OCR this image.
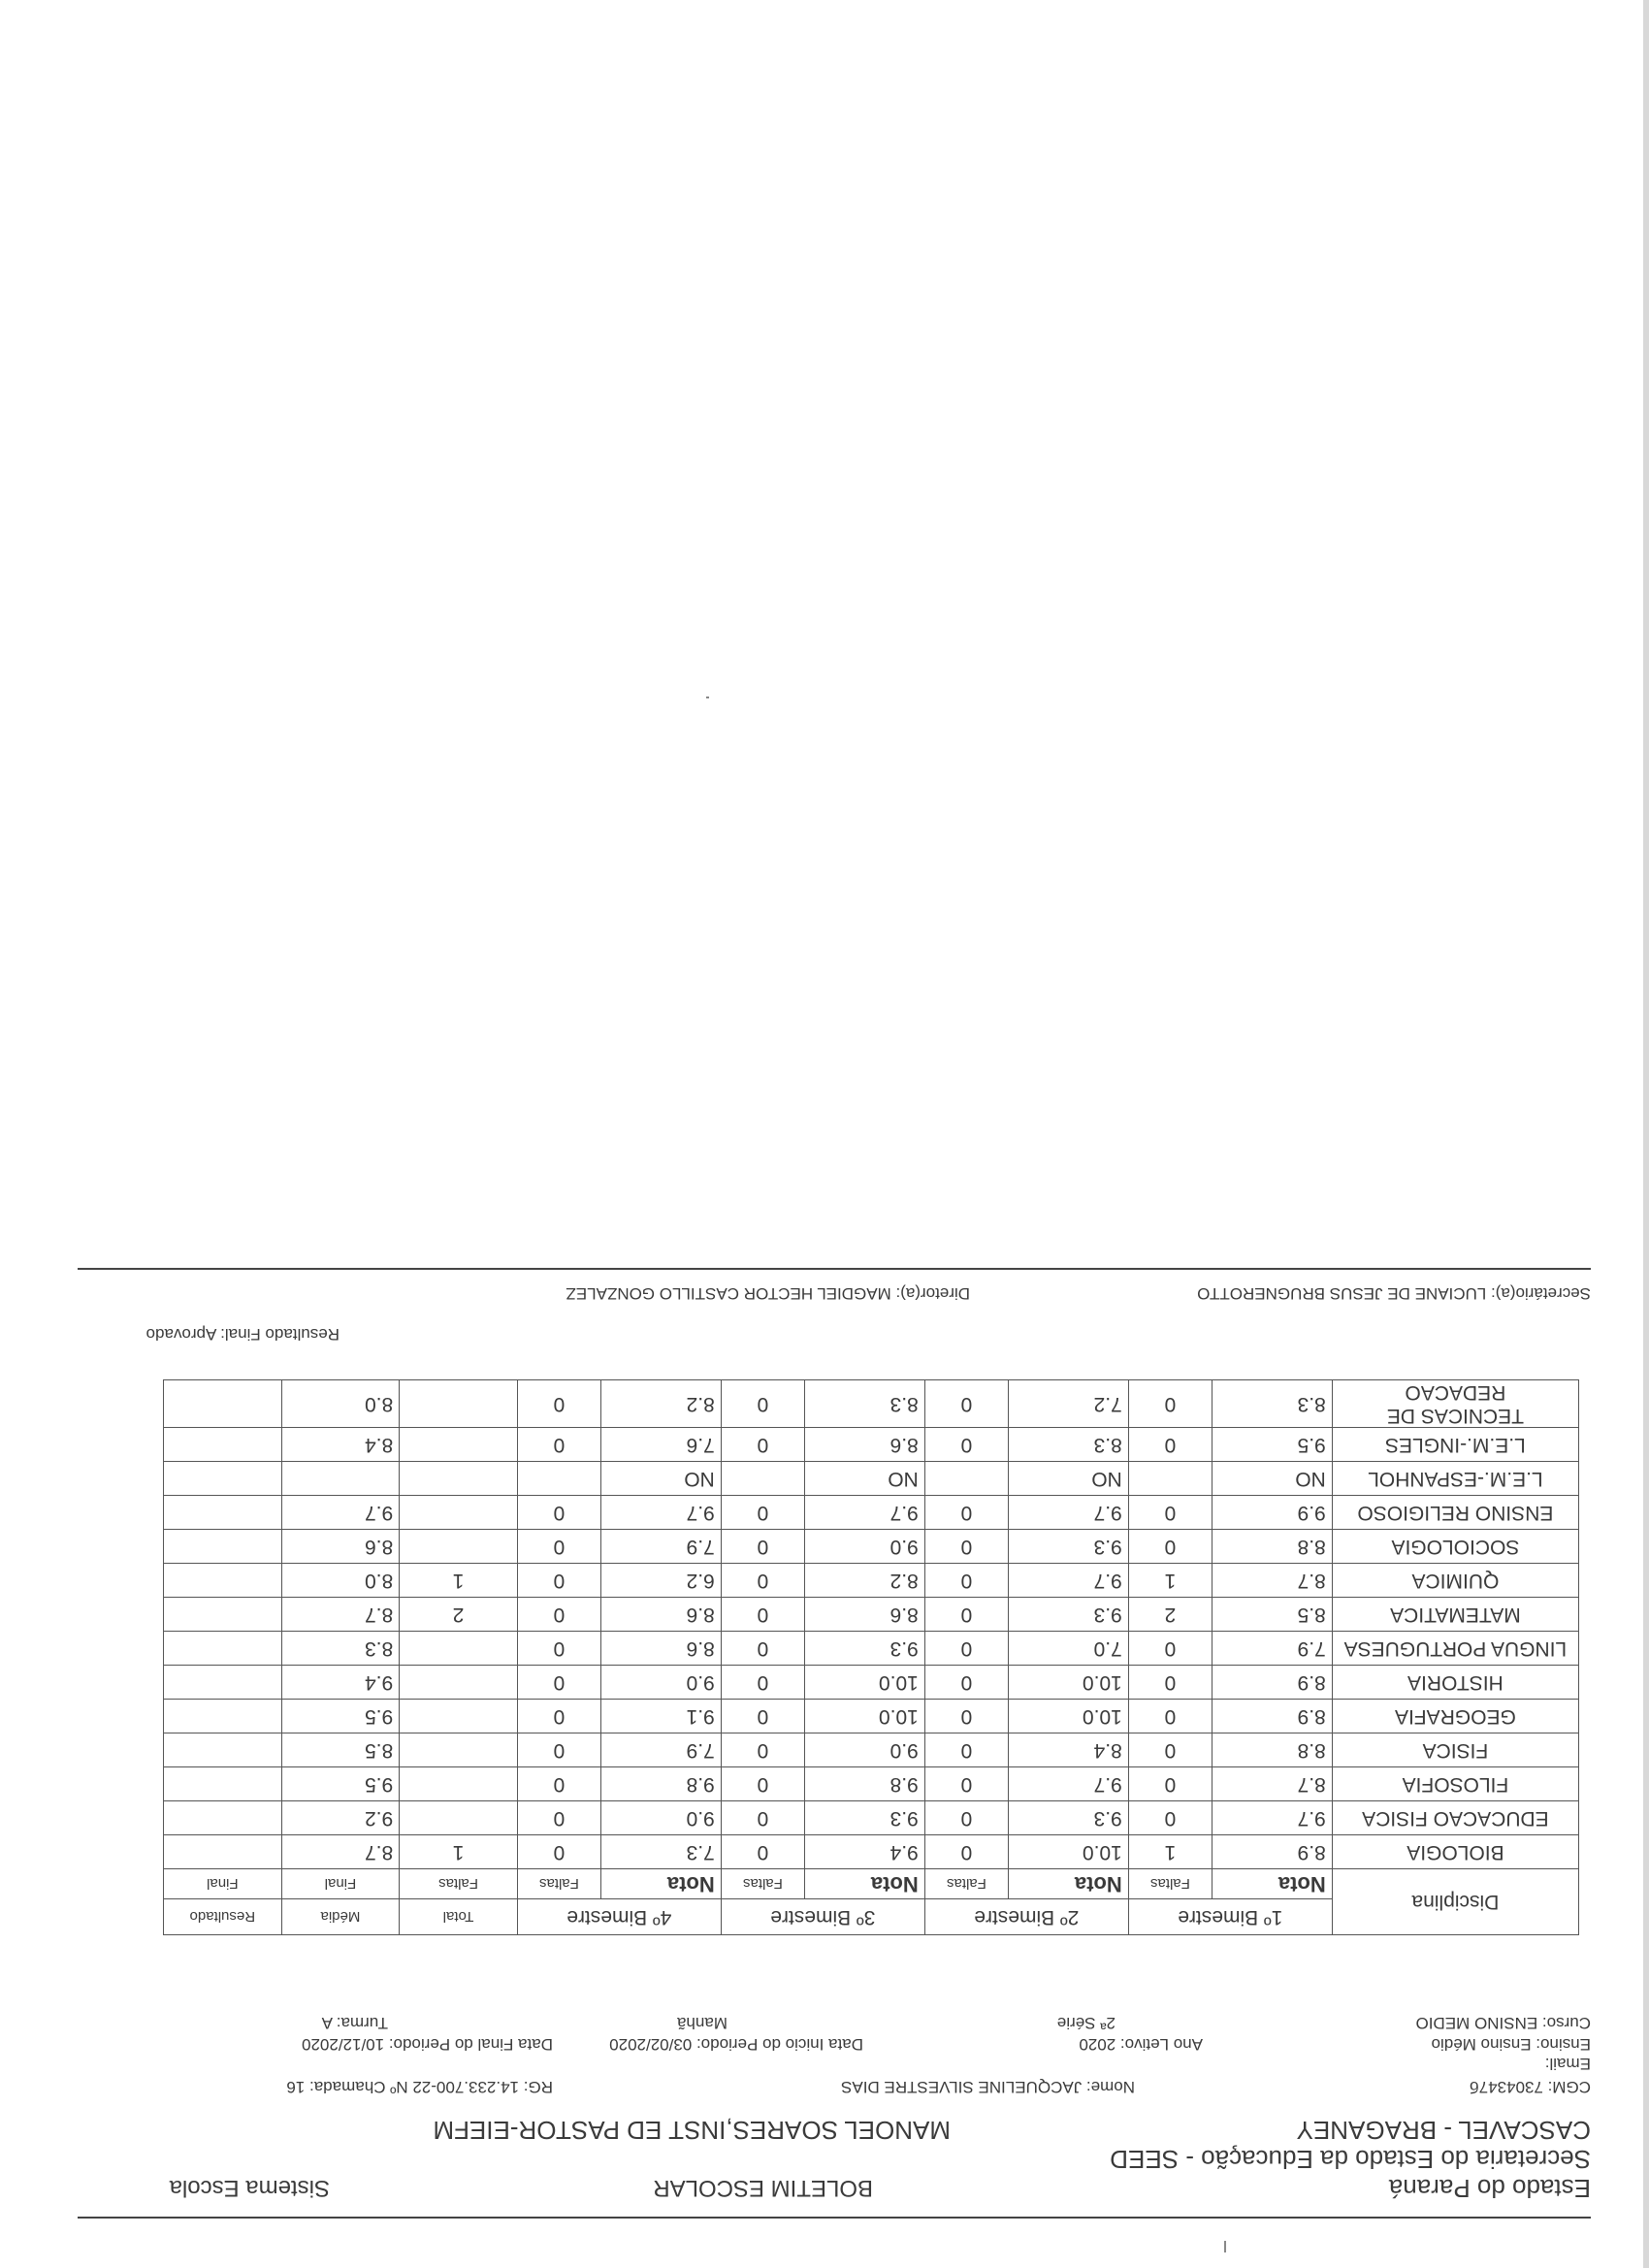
Estado do Paraná
BOLETIM ESCOLAR
Sistema Escola
Secretaria do Estado da Educação - SEED
CASCAVEL - BRAGANEY
MANOEL SOARES,INST ED PASTOR-EIEFM
CGM: 7304347б
Nome: JACQUELINE SILVESTRE DIAS
RG: 14.233.700-22 Nº Chamada: 16
Email:
Ensino: Ensino Médio
Ano Letivo: 2020
Data Inicio do Periodo: 03/02/2020
Data Final do Periodo: 10/12/2020
Curso: ENSINO MEDIO
2ª Série
Manhã
Turma: A
Disciplina	1º Bimestre		2º Bimestre		3º Bimestre		4º Bimestre		Total	Média	Resultado
	Nota	Faltas	Nota	Faltas	Nota	Faltas	Nota	Faltas	Faltas	Final	Final
BIOLOGIA	8.9	1	10.0	0	9.4	0	7.3	0	1	8.7	
EDUCACAO FISICA	9.7	0	9.3	0	9.3	0	9.0	0		9.2	
FILOSOFIA	8.7	0	9.7	0	9.8	0	9.8	0		9.5	
FISICA	8.8	0	8.4	0	9.0	0	7.9	0		8.5	
GEOGRAFIA	8.9	0	10.0	0	10.0	0	9.1	0		9.5	
HISTORIA	8.9	0	10.0	0	10.0	0	9.0	0		9.4	
LINGUA PORTUGUESA	7.9	0	7.0	0	9.3	0	8.6	0		8.3	
MATEMATICA	8.5	2	9.3	0	8.6	0	8.6	0	2	8.7	
QUIMICA	8.7	1	9.7	0	8.2	0	6.2	0	1	8.0	
SOCIOLOGIA	8.8	0	9.3	0	9.0	0	7.9	0		8.6	
ENSINO RELIGIOSO	9.9	0	9.7	0	9.7	0	9.7	0		9.7	
L.E.M.-ESPANHOL	NO		NO		NO		NO				
L.E.M.-INGLES	9.5	0	8.3	0	8.6	0	7.6	0		8.4	
TECNICAS DE REDACAO	8.3	0	7.2	0	8.3	0	8.2	0		8.0	
Resultado Final: Aprovado
Secretário(a): LUCIANE DE JESUS BRUGNEROTTO
Diretor(a): MAGDIEL HECTOR CASTILLO GONZALEZ
